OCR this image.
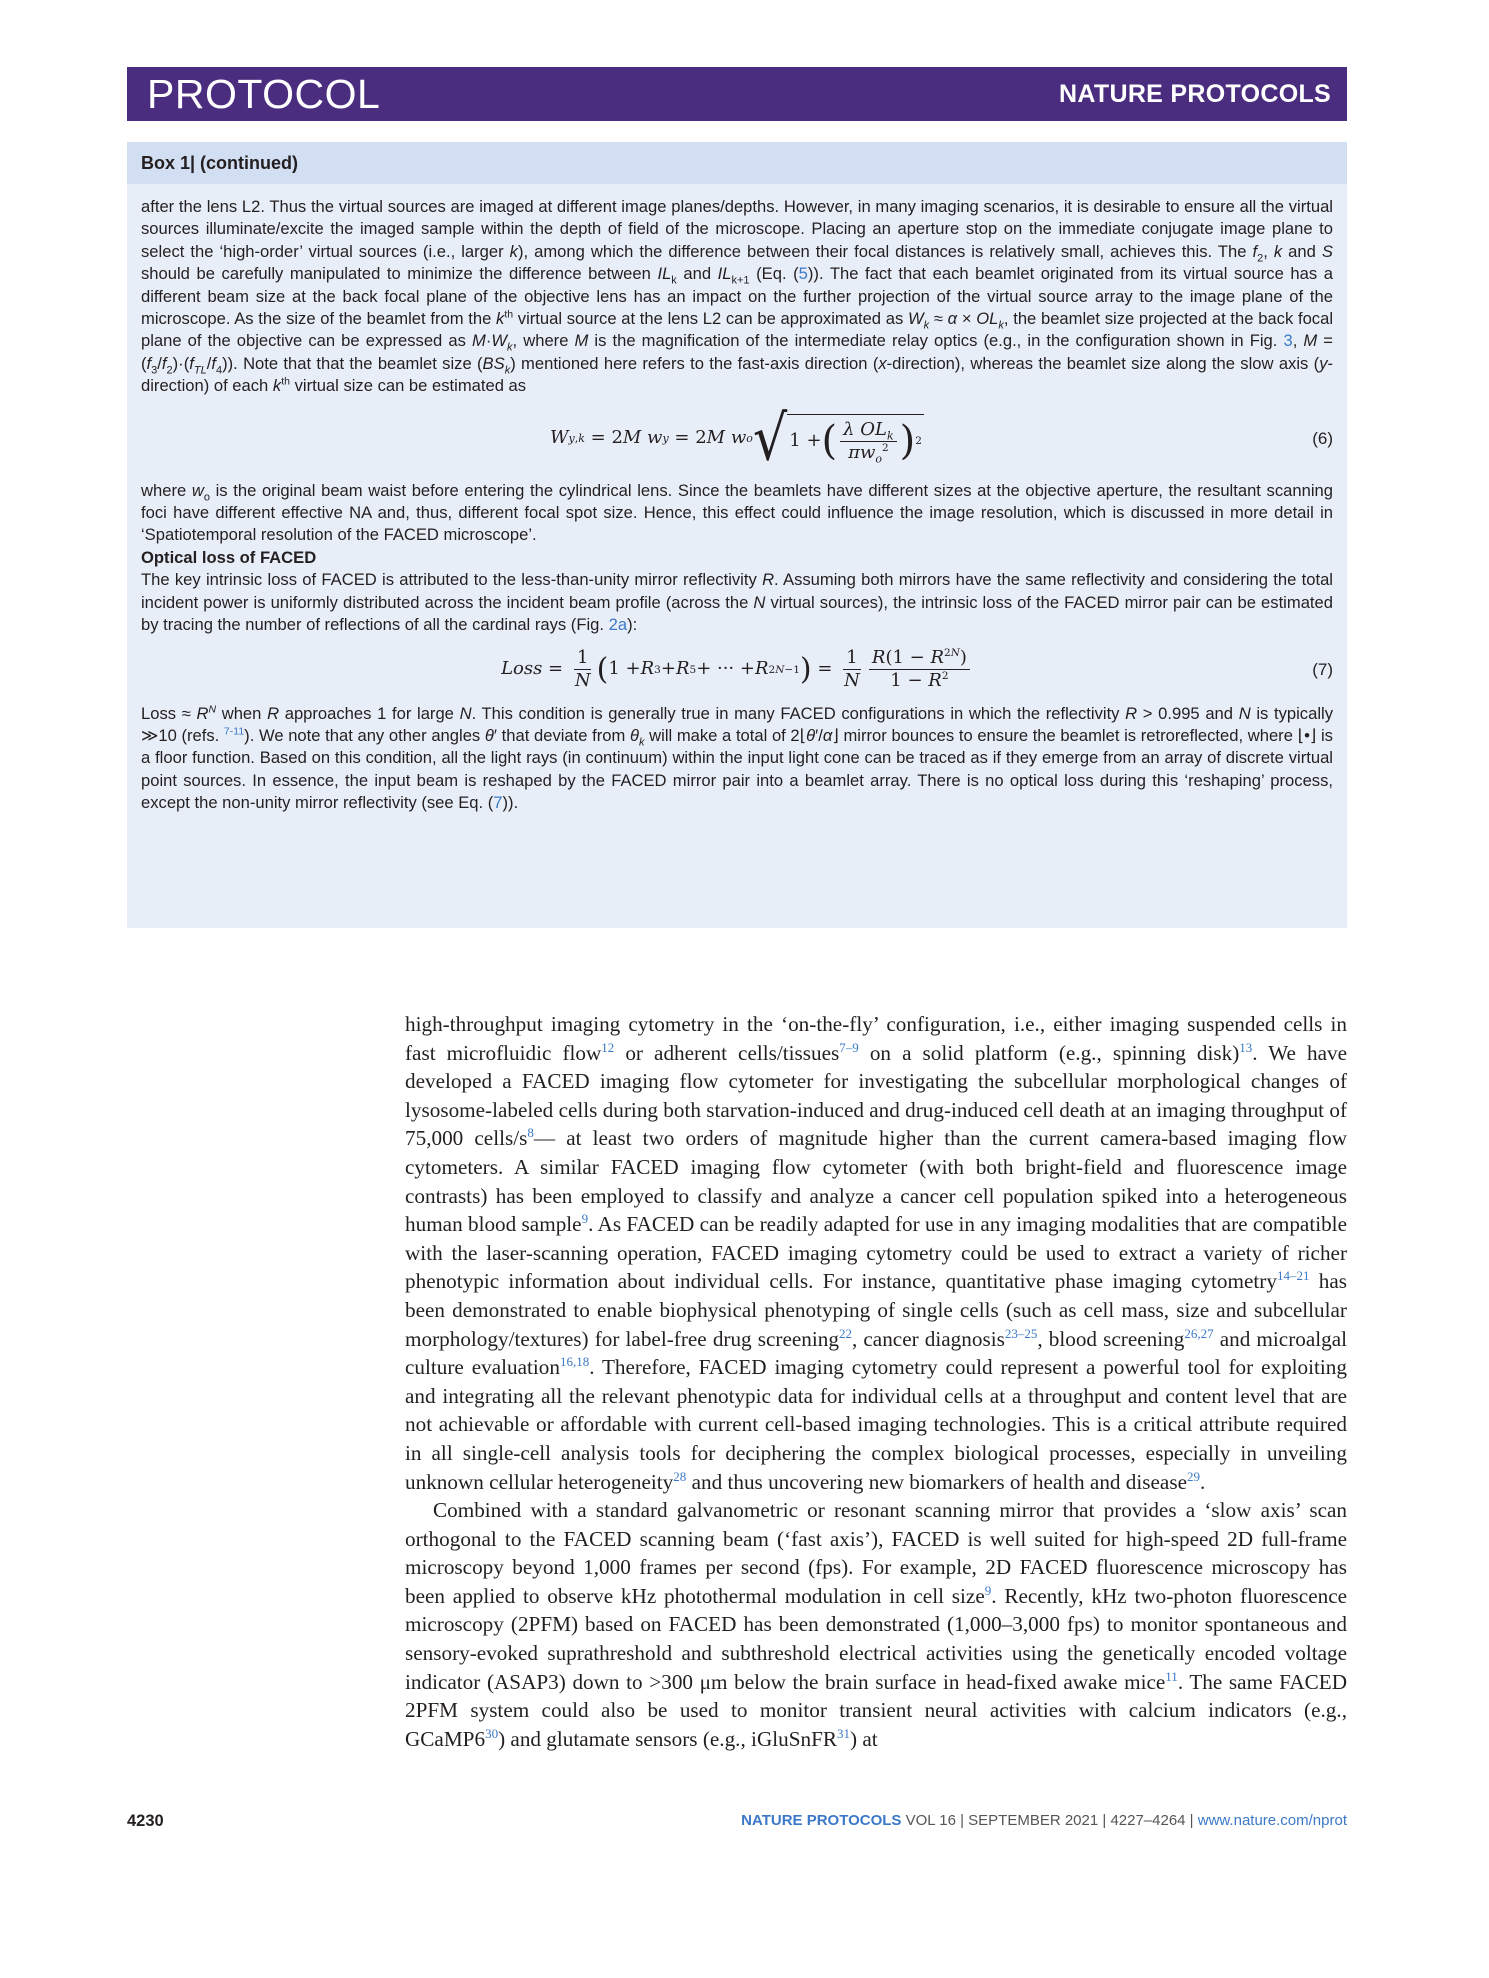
PROTOCOL	NATURE PROTOCOLS
Box 1| (continued)

after the lens L2. Thus the virtual sources are imaged at different image planes/depths. However, in many imaging scenarios, it is desirable to ensure all the virtual sources illuminate/excite the imaged sample within the depth of field of the microscope. Placing an aperture stop on the immediate conjugate image plane to select the ‘high-order’ virtual sources (i.e., larger k), among which the difference between their focal distances is relatively small, achieves this. The $f_2$, k and S should be carefully manipulated to minimize the difference between $IL_k$ and $IL_{k+1}$ (Eq. (5)). The fact that each beamlet originated from its virtual source has a different beam size at the back focal plane of the objective lens has an impact on the further projection of the virtual source array to the image plane of the microscope. As the size of the beamlet from the $k^{th}$ virtual source at the lens L2 can be approximated as $W_k \approx \alpha \times OL_k$, the beamlet size projected at the back focal plane of the objective can be expressed as $M\cdot W_k$, where M is the magnification of the intermediate relay optics (e.g., in the configuration shown in Fig. 3, $M = (f_3/f_2)\cdot(f_{TL}/f_4)$). Note that that the beamlet size $(BS_k)$ mentioned here refers to the fast-axis direction (x-direction), whereas the beamlet size along the slow axis (y-direction) of each $k^{th}$ virtual size can be estimated as

W y,k = 2 M w y = 2 M w o √ 1 + ( $\frac{\lambda OL_k}{\pi w_o^2}$ ) 2	(6)

where $w_o$ is the original beam waist before entering the cylindrical lens. Since the beamlets have different sizes at the objective aperture, the resultant scanning foci have different effective NA and, thus, different focal spot size. Hence, this effect could influence the image resolution, which is discussed in more detail in ‘Spatiotemporal resolution of the FACED microscope’.

Optical loss of FACED

The key intrinsic loss of FACED is attributed to the less-than-unity mirror reflectivity R. Assuming both mirrors have the same reflectivity and considering the total incident power is uniformly distributed across the incident beam profile (across the N virtual sources), the intrinsic loss of the FACED mirror pair can be estimated by tracing the number of reflections of all the cardinal rays (Fig. 2a):

Loss = $\frac{1}{N}$ ( 1 + R 3 + R 5 + ··· + R 2N−1 ) = $\frac{1}{N} \frac{R(1 - R^{2N})}{1 - R^2}$	(7)

Loss ≈ $R^N$ when R approaches 1 for large N. This condition is generally true in many FACED configurations in which the reflectivity R > 0.995 and N is typically ≫10 (refs. $^{7-11}$). We note that any other angles θ′ that deviate from $\theta_k$ will make a total of 2⌊θ′/α⌋ mirror bounces to ensure the beamlet is retroreflected, where ⌊•⌋ is a floor function. Based on this condition, all the light rays (in continuum) within the input light cone can be traced as if they emerge from an array of discrete virtual point sources. In essence, the input beam is reshaped by the FACED mirror pair into a beamlet array. There is no optical loss during this ‘reshaping’ process, except the non-unity mirror reflectivity (see Eq. (7)).

high-throughput imaging cytometry in the ‘on-the-fly’ configuration, i.e., either imaging suspended cells in fast microfluidic flow$^{12}$ or adherent cells/tissues$^{7-9}$ on a solid platform (e.g., spinning disk)$^{13}$. We have developed a FACED imaging flow cytometer for investigating the subcellular morphological changes of lysosome-labeled cells during both starvation-induced and drug-induced cell death at an imaging throughput of 75,000 cells/s$^8$— at least two orders of magnitude higher than the current camera-based imaging flow cytometers. A similar FACED imaging flow cytometer (with both bright-field and fluorescence image contrasts) has been employed to classify and analyze a cancer cell population spiked into a heterogeneous human blood sample$^9$. As FACED can be readily adapted for use in any imaging modalities that are compatible with the laser-scanning operation, FACED imaging cytometry could be used to extract a variety of richer phenotypic information about individual cells. For instance, quantitative phase imaging cytometry$^{14-21}$ has been demonstrated to enable biophysical phenotyping of single cells (such as cell mass, size and subcellular morphology/textures) for label-free drug screening$^{22}$, cancer diagnosis$^{23-25}$, blood screening$^{26,27}$ and microalgal culture evaluation$^{16,18}$. Therefore, FACED imaging cytometry could represent a powerful tool for exploiting and integrating all the relevant phenotypic data for individual cells at a throughput and content level that are not achievable or affordable with current cell-based imaging technologies. This is a critical attribute required in all single-cell analysis tools for deciphering the complex biological processes, especially in unveiling unknown cellular heterogeneity$^{28}$ and thus uncovering new biomarkers of health and disease$^{29}$.

Combined with a standard galvanometric or resonant scanning mirror that provides a ‘slow axis’ scan orthogonal to the FACED scanning beam (‘fast axis’), FACED is well suited for high-speed 2D full-frame microscopy beyond 1,000 frames per second (fps). For example, 2D FACED fluorescence microscopy has been applied to observe kHz photothermal modulation in cell size$^9$. Recently, kHz two-photon fluorescence microscopy (2PFM) based on FACED has been demonstrated (1,000–3,000 fps) to monitor spontaneous and sensory-evoked suprathreshold and subthreshold electrical activities using the genetically encoded voltage indicator (ASAP3) down to >300 μm below the brain surface in head-fixed awake mice$^{11}$. The same FACED 2PFM system could also be used to monitor transient neural activities with calcium indicators (e.g., GCaMP6$^{30}$) and glutamate sensors (e.g., iGluSnFR$^{31}$) at

4230	NATURE PROTOCOLS VOL 16 | SEPTEMBER 2021 | 4227–4264 | www.nature.com/nprot
